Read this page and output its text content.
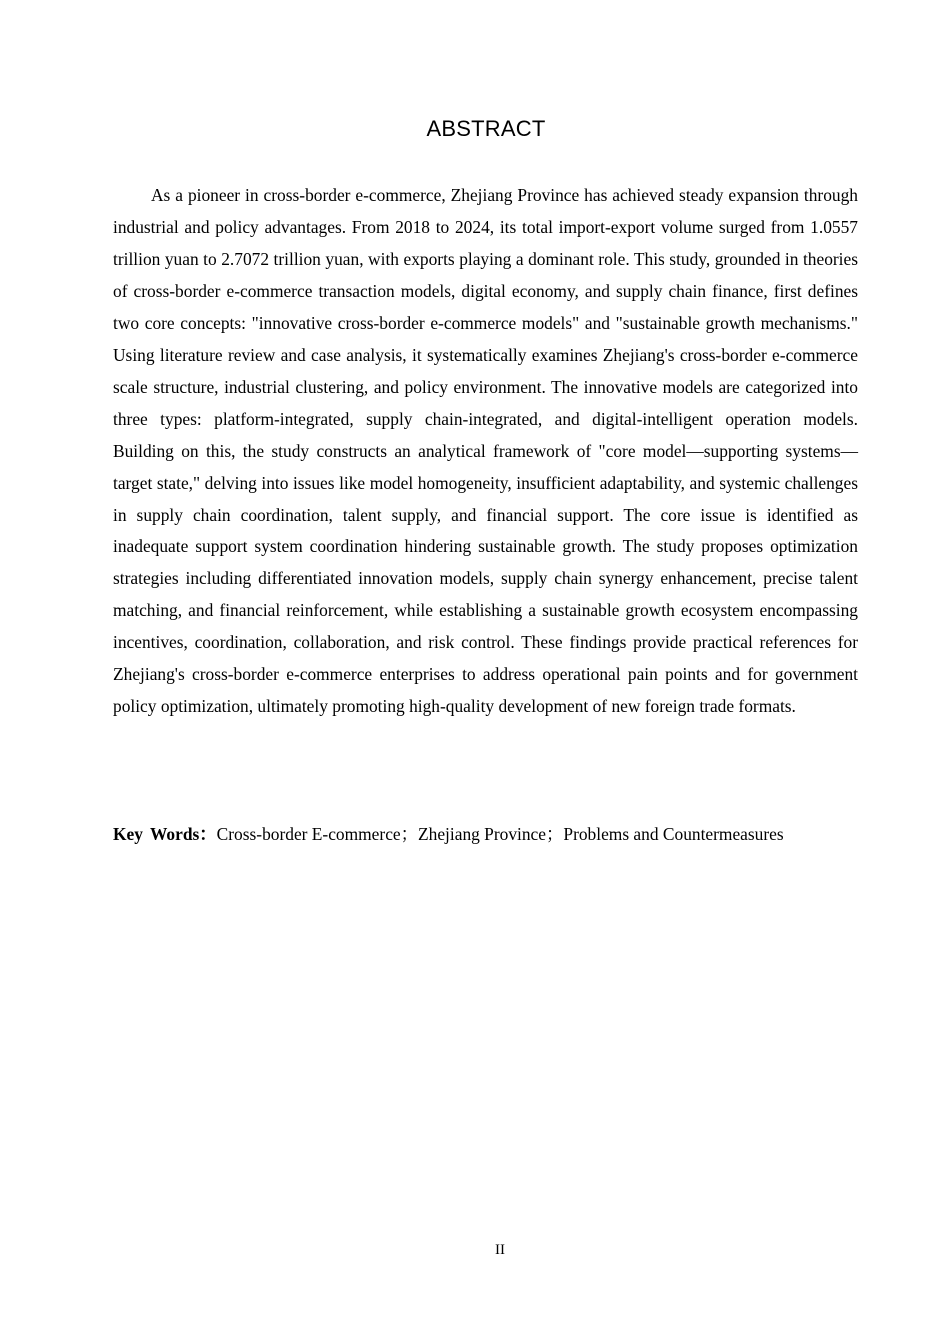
ABSTRACT

As a pioneer in cross-border e-commerce, Zhejiang Province has achieved steady expansion through industrial and policy advantages. From 2018 to 2024, its total import-export volume surged from 1.0557 trillion yuan to 2.7072 trillion yuan, with exports playing a dominant role. This study, grounded in theories of cross-border e-commerce transaction models, digital economy, and supply chain finance, first defines two core concepts: "innovative cross-border e-commerce models" and "sustainable growth mechanisms." Using literature review and case analysis, it systematically examines Zhejiang's cross-border e-commerce scale structure, industrial clustering, and policy environment. The innovative models are categorized into three types: platform-integrated, supply chain-integrated, and digital-intelligent operation models. Building on this, the study constructs an analytical framework of "core model—supporting systems—target state," delving into issues like model homogeneity, insufficient adaptability, and systemic challenges in supply chain coordination, talent supply, and financial support. The core issue is identified as inadequate support system coordination hindering sustainable growth. The study proposes optimization strategies including differentiated innovation models, supply chain synergy enhancement, precise talent matching, and financial reinforcement, while establishing a sustainable growth ecosystem encompassing incentives, coordination, collaboration, and risk control. These findings provide practical references for Zhejiang's cross-border e-commerce enterprises to address operational pain points and for government policy optimization, ultimately promoting high-quality development of new foreign trade formats.

Key Words：Cross-border E-commerce；Zhejiang Province；Problems and Countermeasures

II
